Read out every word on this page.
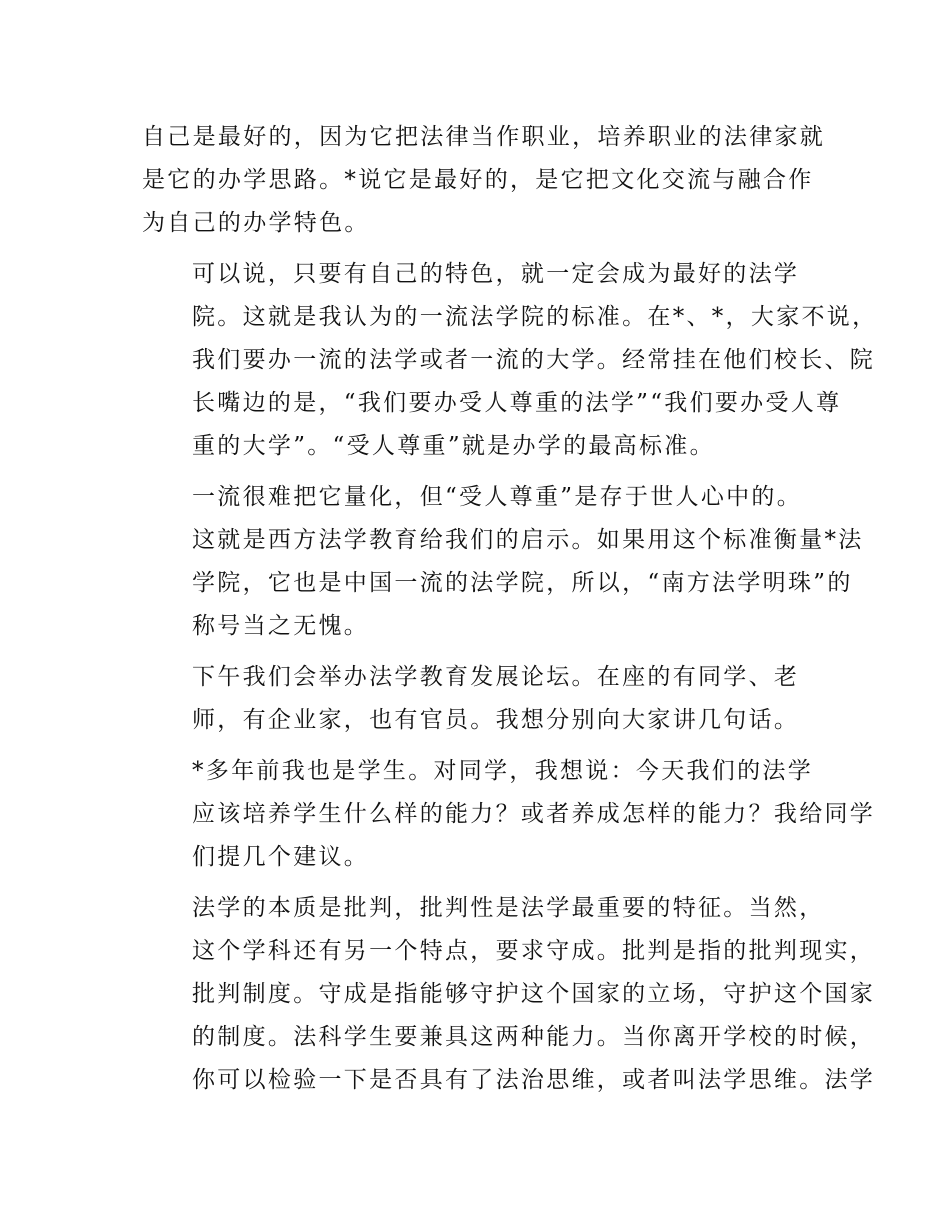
自己是最好的，因为它把法律当作职业，培养职业的法律家就
是它的办学思路。*说它是最好的，是它把文化交流与融合作
为自己的办学特色。

可以说，只要有自己的特色，就一定会成为最好的法学
院。这就是我认为的一流法学院的标准。在*、*，大家不说，
我们要办一流的法学或者一流的大学。经常挂在他们校长、院
长嘴边的是，“我们要办受人尊重的法学”“我们要办受人尊
重的大学”。“受人尊重”就是办学的最高标准。

一流很难把它量化，但“受人尊重”是存于世人心中的。
这就是西方法学教育给我们的启示。如果用这个标准衡量*法
学院，它也是中国一流的法学院，所以，“南方法学明珠”的
称号当之无愧。

下午我们会举办法学教育发展论坛。在座的有同学、老
师，有企业家，也有官员。我想分别向大家讲几句话。

*多年前我也是学生。对同学，我想说：今天我们的法学
应该培养学生什么样的能力？或者养成怎样的能力？我给同学
们提几个建议。

法学的本质是批判，批判性是法学最重要的特征。当然，
这个学科还有另一个特点，要求守成。批判是指的批判现实，
批判制度。守成是指能够守护这个国家的立场，守护这个国家
的制度。法科学生要兼具这两种能力。当你离开学校的时候，
你可以检验一下是否具有了法治思维，或者叫法学思维。法学
